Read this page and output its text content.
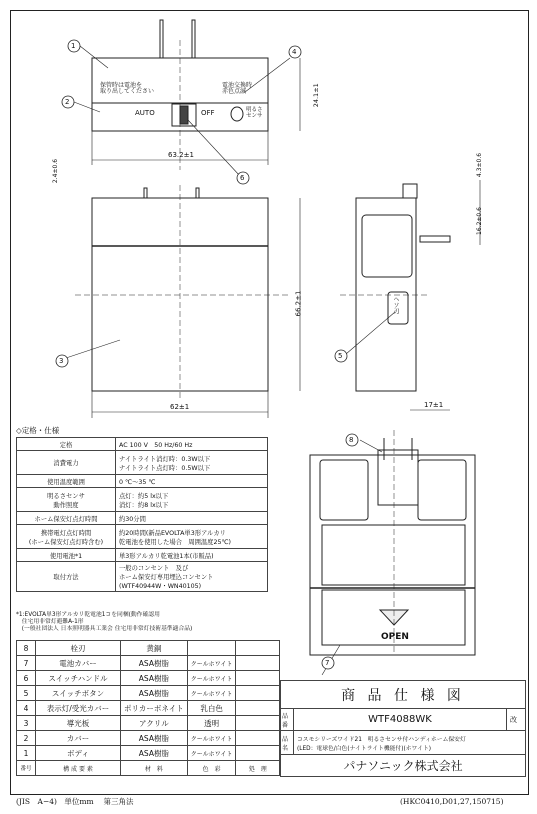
1
2
3
4
5
6
保管時は電池を
取り出してください
電池交換時
赤色点滅
AUTO	OFF	明るさ
センサ
63.2±1
24.1±1
2.4±0.6
62±1
66.2±1
4.3±0.6
16.2±0.6
17±1
ヘソ刃
8
7
OPEN
◇定格・仕様
定格	AC 100 V　50 Hz/60 Hz
消費電力	ナイトライト消灯時：0.3W以下
ナイトライト点灯時：0.5W以下
使用温度範囲	0 ℃〜35 ℃
明るさセンサ
動作照度	点灯：約5 lx以下
消灯：約8 lx以下
ホーム保安灯点灯時間	約30分間
携帯電灯点灯時間
(ホーム保安灯点灯時含む)	約20時間(新品EVOLTA単3形アルカリ
乾電池を使用した場合　周囲温度25℃)
使用電池*1	単3形アルカリ乾電池1本(市販品)
取付方法	一般のコンセント　及び
ホーム保安灯専用埋込コンセント
(WTF40944W・WN40105)
*1:EVOLTA単3形アルカリ乾電池1コを同梱(動作確認用
　住宅用非常灯避難A-1形
　(一般社団法人 日本照明器具工業会 住宅用非常灯技術基準適合品)
8	栓刃	黄銅		
7	電池カバー	ASA樹脂	クールホワイト	
6	スイッチハンドル	ASA樹脂	クールホワイト	
5	スイッチボタン	ASA樹脂	クールホワイト	
4	表示灯/受光カバー	ポリカーボネイト	乳白色	
3	導光板	アクリル	透明	
2	カバー	ASA樹脂	クールホワイト	
1	ボディ	ASA樹脂	クールホワイト	
番号	構 成 要 素	材　料	色　彩	処　理
商 品 仕 様 図		
品番	WTF4088WK	改
品名	コスモシリーズワイド21　明るさセンサ付ハンディホーム保安灯
(LED：電球色/白色(ナイトライト機能付)(ホワイト)	
パナソニック株式会社		
(JIS　A−4)　単位mm　 第三角法	(HKC0410,D01,27,150715)
